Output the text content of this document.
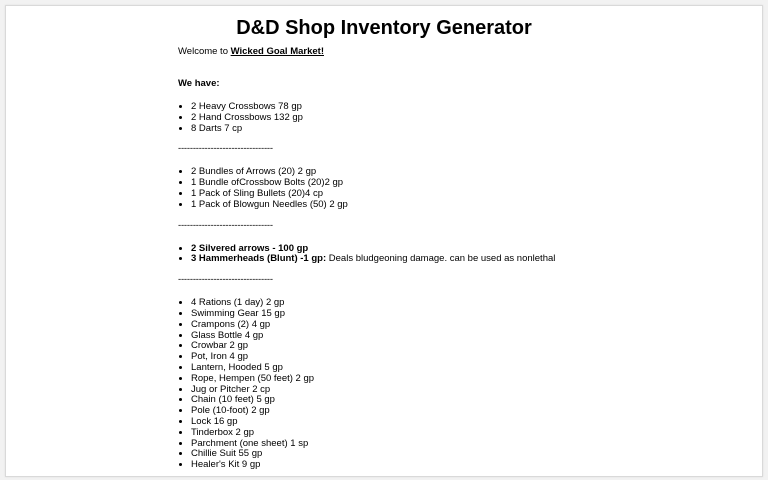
D&D Shop Inventory Generator

Welcome to Wicked Goal Market!

We have:

• 2 Heavy Crossbows 78 gp
• 2 Hand Crossbows 132 gp
• 8 Darts 7 cp
--------------------------------
• 2 Bundles of Arrows (20) 2 gp
• 1 Bundle ofCrossbow Bolts (20)2 gp
• 1 Pack of Sling Bullets (20)4 cp
• 1 Pack of Blowgun Needles (50) 2 gp
--------------------------------
• 2 Silvered arrows - 100 gp
• 3 Hammerheads (Blunt) -1 gp: Deals bludgeoning damage. can be used as nonlethal
--------------------------------
• 4 Rations (1 day) 2 gp
• Swimming Gear 15 gp
• Crampons (2) 4 gp
• Glass Bottle 4 gp
• Crowbar 2 gp
• Pot, Iron 4 gp
• Lantern, Hooded 5 gp
• Rope, Hempen (50 feet) 2 gp
• Jug or Pitcher 2 cp
• Chain (10 feet) 5 gp
• Pole (10-foot) 2 gp
• Lock 16 gp
• Tinderbox 2 gp
• Parchment (one sheet) 1 sp
• Chillie Suit 55 gp
• Healer's Kit 9 gp
